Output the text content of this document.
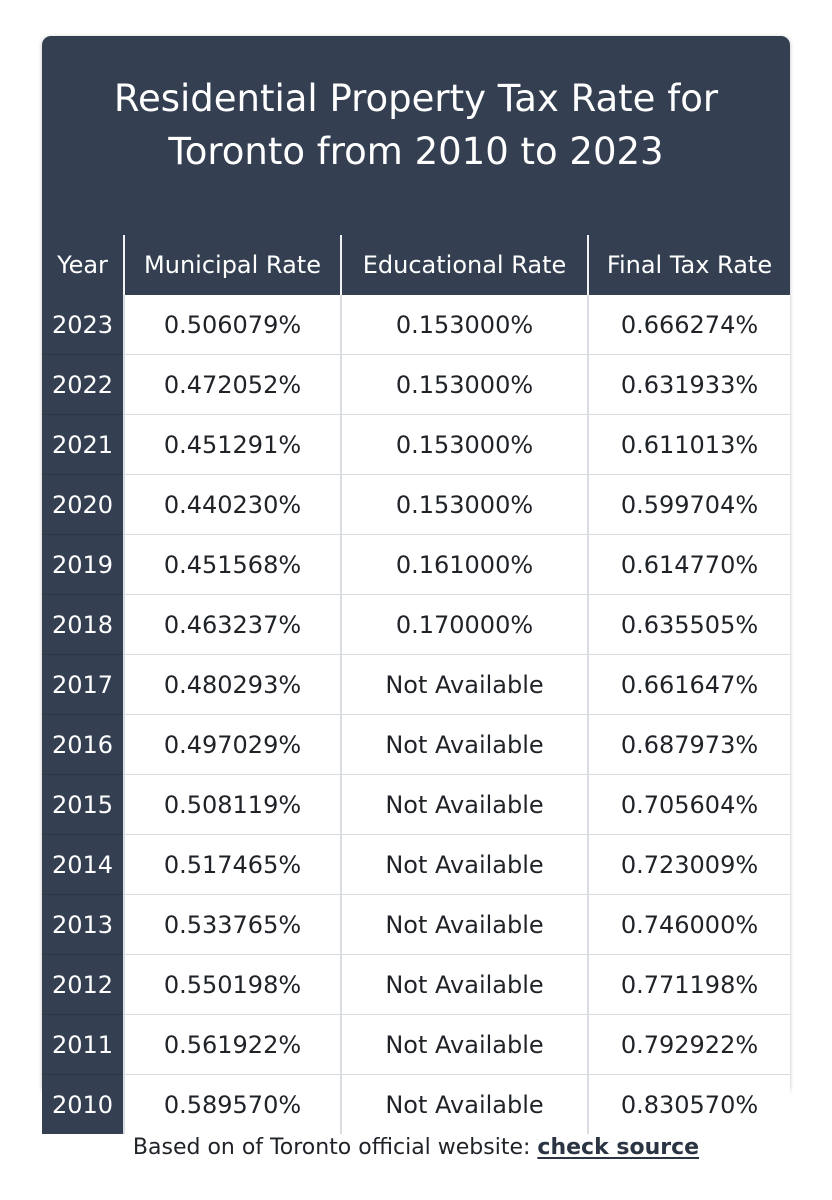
Residential Property Tax Rate for
Toronto from 2010 to 2023
Year	Municipal Rate	Educational Rate	Final Tax Rate
2023	0.506079%	0.153000%	0.666274%
2022	0.472052%	0.153000%	0.631933%
2021	0.451291%	0.153000%	0.611013%
2020	0.440230%	0.153000%	0.599704%
2019	0.451568%	0.161000%	0.614770%
2018	0.463237%	0.170000%	0.635505%
2017	0.480293%	Not Available	0.661647%
2016	0.497029%	Not Available	0.687973%
2015	0.508119%	Not Available	0.705604%
2014	0.517465%	Not Available	0.723009%
2013	0.533765%	Not Available	0.746000%
2012	0.550198%	Not Available	0.771198%
2011	0.561922%	Not Available	0.792922%
2010	0.589570%	Not Available	0.830570%
Based on of Toronto official website: check source
